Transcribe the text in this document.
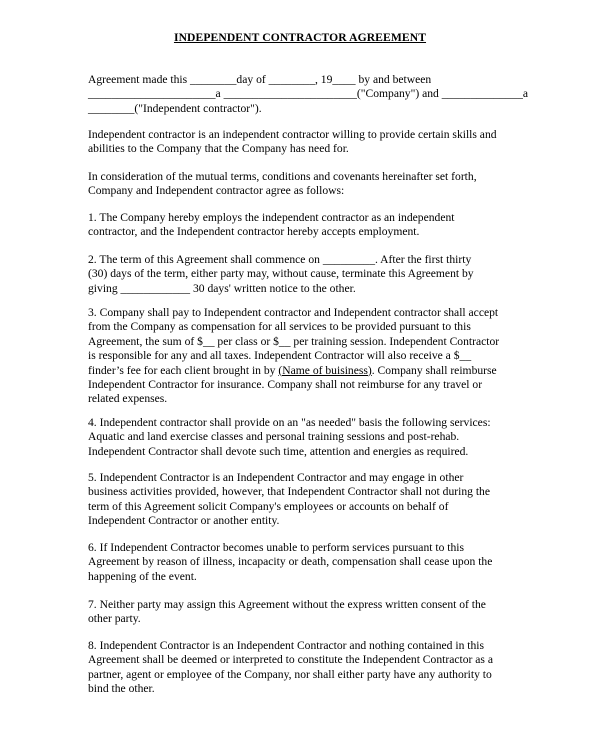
INDEPENDENT CONTRACTOR AGREEMENT
Agreement made this ________day of ________, 19____ by and between
______________________a _______________________("Company") and ______________a
________("Independent contractor").
Independent contractor is an independent contractor willing to provide certain skills and
abilities to the Company that the Company has need for.
In consideration of the mutual terms, conditions and covenants hereinafter set forth,
Company and Independent contractor agree as follows:
1. The Company hereby employs the independent contractor as an independent
contractor, and the Independent contractor hereby accepts employment.
2. The term of this Agreement shall commence on _________. After the first thirty
(30) days of the term, either party may, without cause, terminate this Agreement by
giving ____________ 30 days' written notice to the other.
3. Company shall pay to Independent contractor and Independent contractor shall accept
from the Company as compensation for all services to be provided pursuant to this
Agreement, the sum of $__ per class or $__ per training session. Independent Contractor
is responsible for any and all taxes. Independent Contractor will also receive a $__
finder’s fee for each client brought in by (Name of buisiness). Company shall reimburse
Independent Contractor for insurance. Company shall not reimburse for any travel or
related expenses.
4. Independent contractor shall provide on an "as needed" basis the following services:
Aquatic and land exercise classes and personal training sessions and post-rehab.
Independent Contractor shall devote such time, attention and energies as required.
5. Independent Contractor is an Independent Contractor and may engage in other
business activities provided, however, that Independent Contractor shall not during the
term of this Agreement solicit Company's employees or accounts on behalf of
Independent Contractor or another entity.
6. If Independent Contractor becomes unable to perform services pursuant to this
Agreement by reason of illness, incapacity or death, compensation shall cease upon the
happening of the event.
7. Neither party may assign this Agreement without the express written consent of the
other party.
8. Independent Contractor is an Independent Contractor and nothing contained in this
Agreement shall be deemed or interpreted to constitute the Independent Contractor as a
partner, agent or employee of the Company, nor shall either party have any authority to
bind the other.
